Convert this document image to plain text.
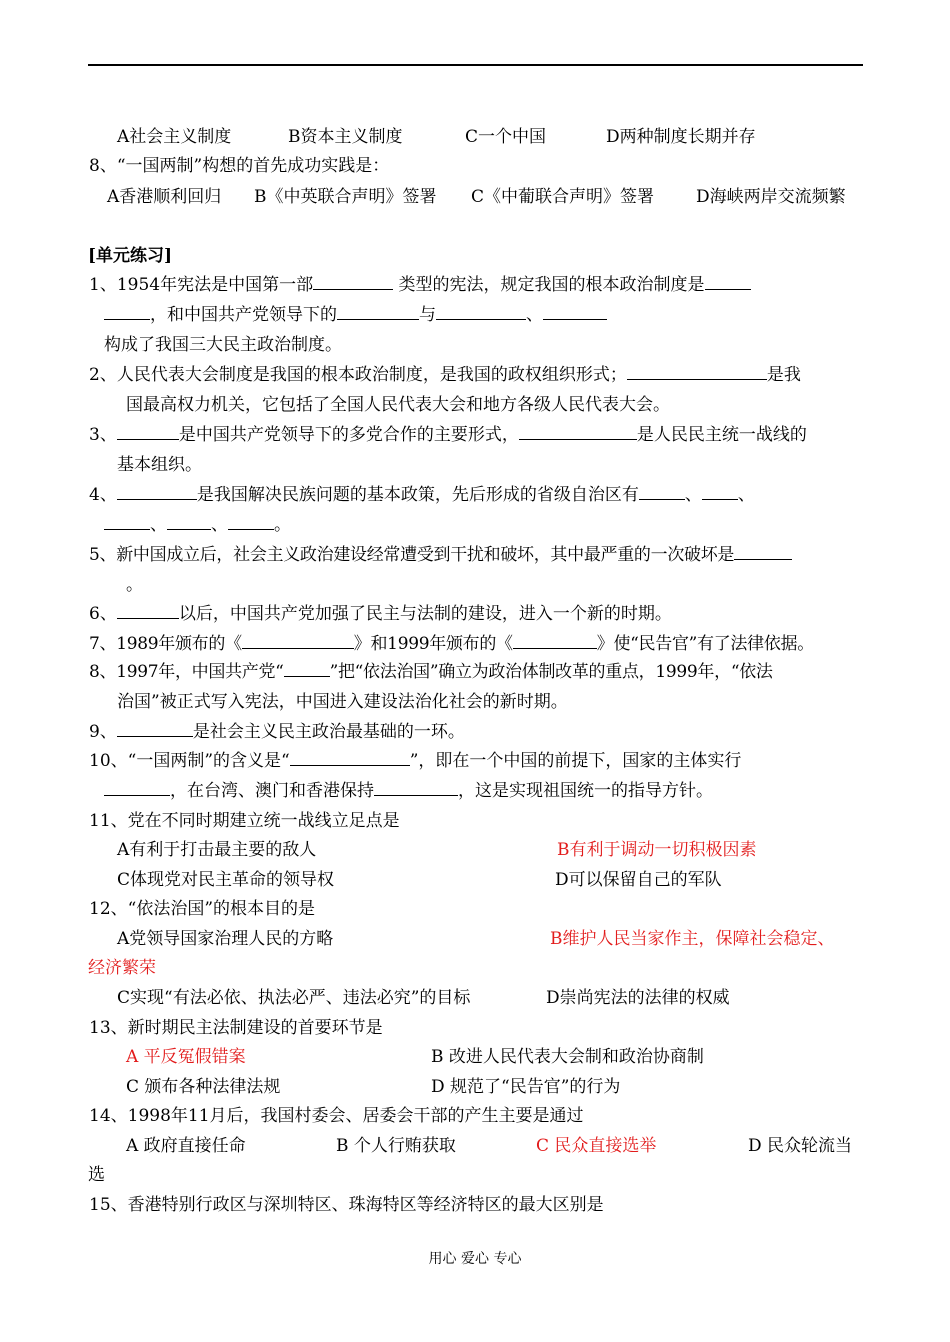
A社会主义制度	B资本主义制度	C一个中国	D两种制度长期并存
8、“一国两制”构想的首先成功实践是：
A香港顺利回归 B《中英联合声明》签署 C《中葡联合声明》签署 D海峡两岸交流频繁
[单元练习]
1、1954年宪法是中国第一部	类型的宪法，规定我国的根本政治制度是
，和中国共产党领导下的	与	、
构成了我国三大民主政治制度。
2、人民代表大会制度是我国的根本政治制度，是我国的政权组织形式；	是我
国最高权力机关，它包括了全国人民代表大会和地方各级人民代表大会。
3、	是中国共产党领导下的多党合作的主要形式，	是人民民主统一战线的
基本组织。
4、	是我国解决民族问题的基本政策，先后形成的省级自治区有	、 、
、	、	。
5、新中国成立后，社会主义政治建设经常遭受到干扰和破坏，其中最严重的一次破坏是
。
6、	以后，中国共产党加强了民主与法制的建设，进入一个新的时期。
7、1989年颁布的《	》和1999年颁布的《	》使“民告官”有了法律依据。
8、1997年，中国共产党“	”把“依法治国”确立为政治体制改革的重点，1999年，“依法
治国”被正式写入宪法，中国进入建设法治化社会的新时期。
9、	是社会主义民主政治最基础的一环。
10、“一国两制”的含义是“	”，即在一个中国的前提下，国家的主体实行
，在台湾、澳门和香港保持	，这是实现祖国统一的指导方针。
11、党在不同时期建立统一战线立足点是
A有利于打击最主要的敌人	B有利于调动一切积极因素
C体现党对民主革命的领导权	D可以保留自己的军队
12、“依法治国”的根本目的是
A党领导国家治理人民的方略	B维护人民当家作主，保障社会稳定、
经济繁荣
C实现“有法必依、执法必严、违法必究”的目标	D崇尚宪法的法律的权威
13、新时期民主法制建设的首要环节是
A 平反冤假错案	B 改进人民代表大会制和政治协商制
C 颁布各种法律法规	D 规范了“民告官”的行为
14、1998年11月后，我国村委会、居委会干部的产生主要是通过
A 政府直接任命	B 个人行贿获取	C 民众直接选举	D 民众轮流当
选
15、香港特别行政区与深圳特区、珠海特区等经济特区的最大区别是
用心 爱心 专心
